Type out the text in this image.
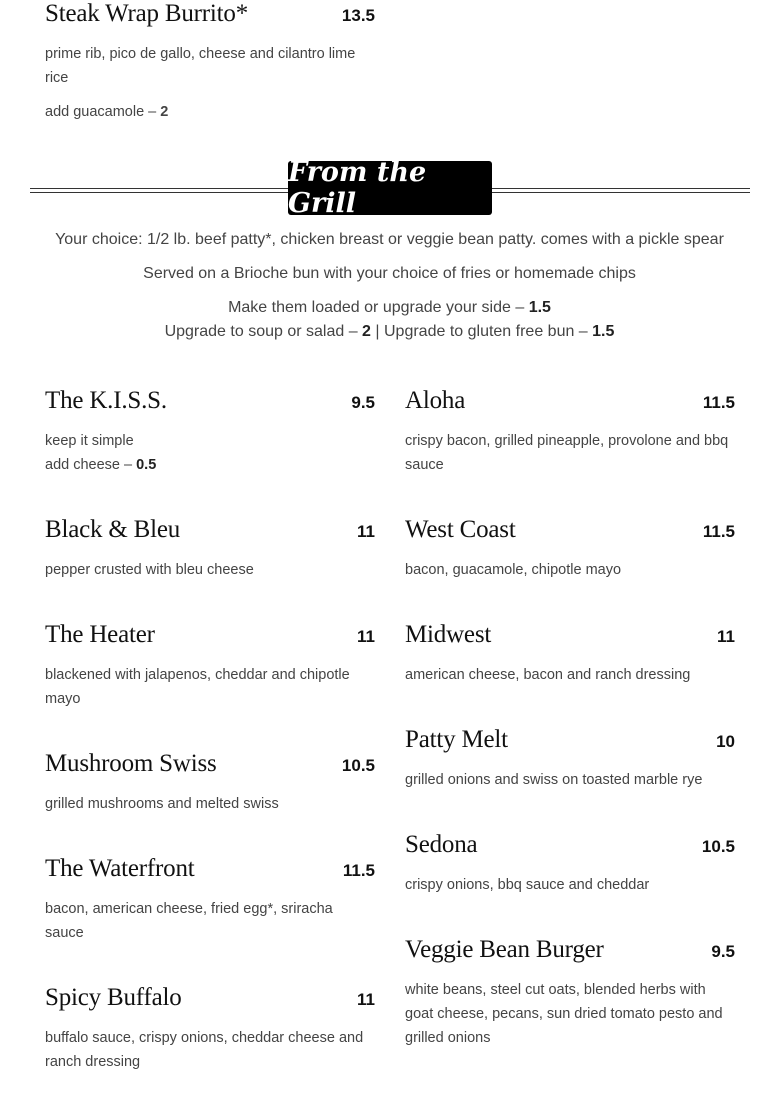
Steak Wrap Burrito*	13.5
prime rib, pico de gallo, cheese and cilantro lime rice
add guacamole – 2
From the Grill
Your choice: 1/2 lb. beef patty*, chicken breast or veggie bean patty. comes with a pickle spear
Served on a Brioche bun with your choice of fries or homemade chips
Make them loaded or upgrade your side – 1.5
Upgrade to soup or salad – 2 | Upgrade to gluten free bun – 1.5
The K.I.S.S.	9.5
keep it simple
add cheese – 0.5
Black & Bleu	11
pepper crusted with bleu cheese
The Heater	11
blackened with jalapenos, cheddar and chipotle mayo
Mushroom Swiss	10.5
grilled mushrooms and melted swiss
The Waterfront	11.5
bacon, american cheese, fried egg*, sriracha sauce
Spicy Buffalo	11
buffalo sauce, crispy onions, cheddar cheese and ranch dressing
Aloha	11.5
crispy bacon, grilled pineapple, provolone and bbq sauce
West Coast	11.5
bacon, guacamole, chipotle mayo
Midwest	11
american cheese, bacon and ranch dressing
Patty Melt	10
grilled onions and swiss on toasted marble rye
Sedona	10.5
crispy onions, bbq sauce and cheddar
Veggie Bean Burger	9.5
white beans, steel cut oats, blended herbs with goat cheese, pecans, sun dried tomato pesto and grilled onions
